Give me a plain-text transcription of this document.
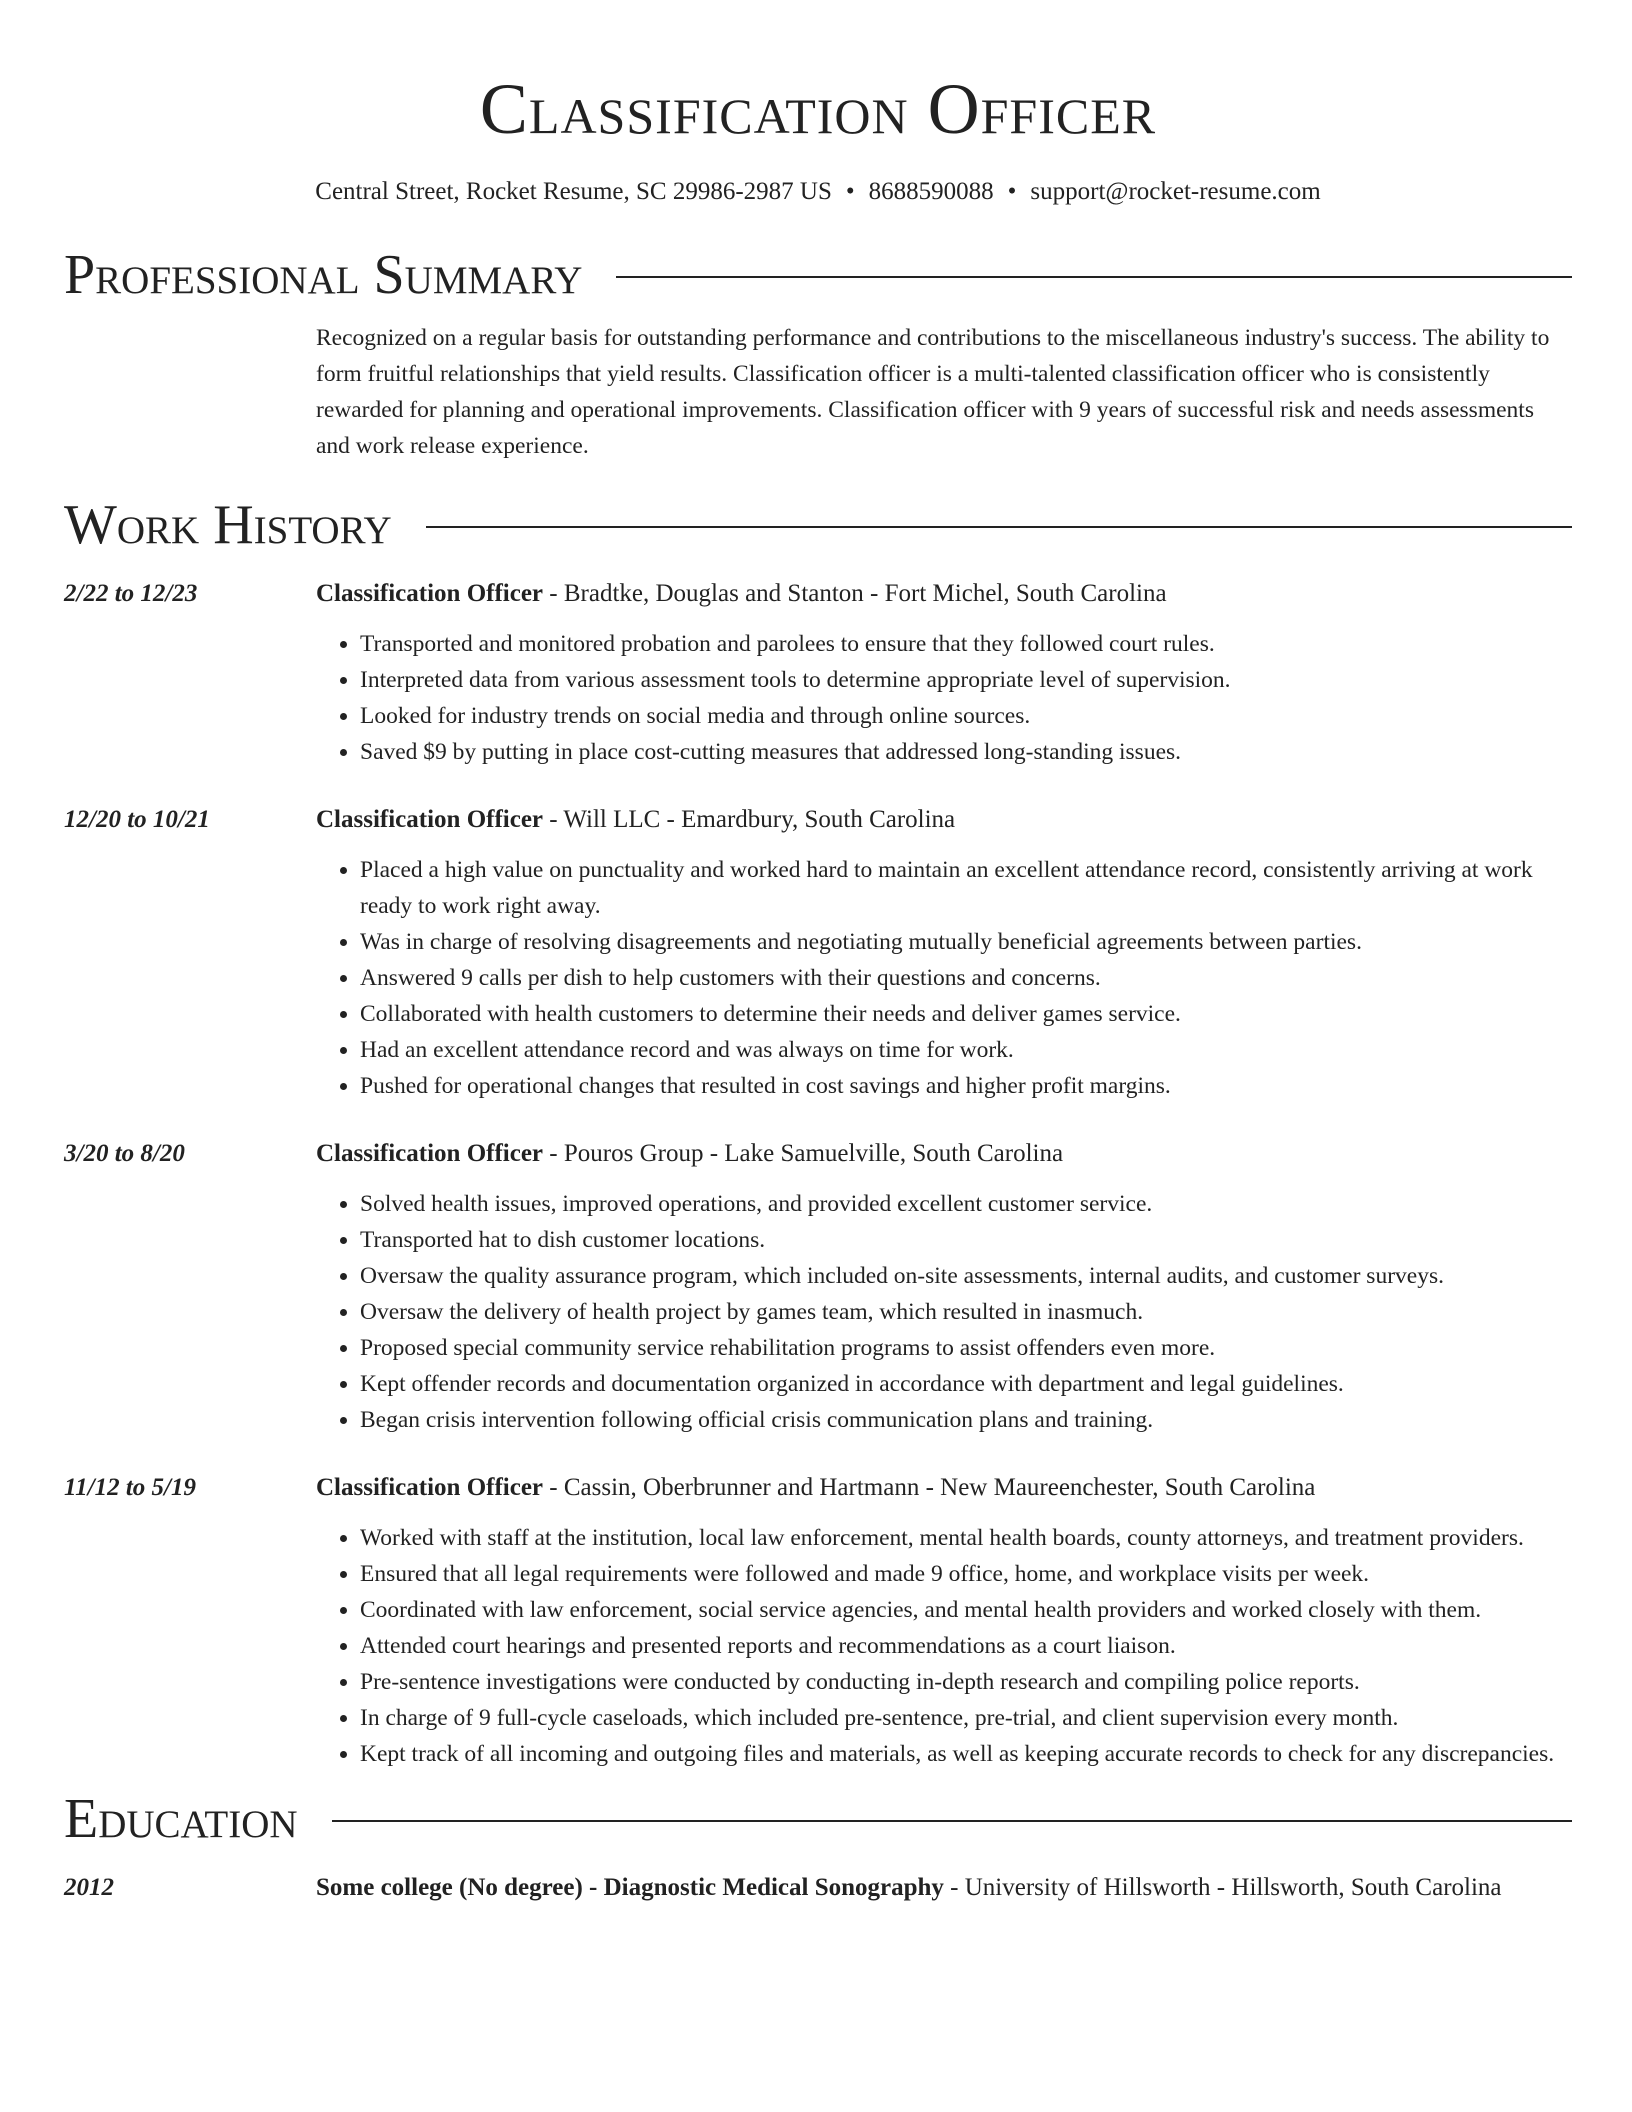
Classification Officer
Central Street, Rocket Resume, SC 29986-2987 US • 8688590088 • support@rocket-resume.com
Professional Summary

Recognized on a regular basis for outstanding performance and contributions to the miscellaneous industry's success. The ability to form fruitful relationships that yield results. Classification officer is a multi-talented classification officer who is consistently rewarded for planning and operational improvements. Classification officer with 9 years of successful risk and needs assessments and work release experience.

Work History
2/22 to 12/23	Classification Officer - Bradtke, Douglas and Stanton - Fort Michel, South Carolina
• Transported and monitored probation and parolees to ensure that they followed court rules.
• Interpreted data from various assessment tools to determine appropriate level of supervision.
• Looked for industry trends on social media and through online sources.
• Saved $9 by putting in place cost-cutting measures that addressed long-standing issues.
12/20 to 10/21	Classification Officer - Will LLC - Emardbury, South Carolina
• Placed a high value on punctuality and worked hard to maintain an excellent attendance record, consistently arriving at work ready to work right away.
• Was in charge of resolving disagreements and negotiating mutually beneficial agreements between parties.
• Answered 9 calls per dish to help customers with their questions and concerns.
• Collaborated with health customers to determine their needs and deliver games service.
• Had an excellent attendance record and was always on time for work.
• Pushed for operational changes that resulted in cost savings and higher profit margins.
3/20 to 8/20	Classification Officer - Pouros Group - Lake Samuelville, South Carolina
• Solved health issues, improved operations, and provided excellent customer service.
• Transported hat to dish customer locations.
• Oversaw the quality assurance program, which included on-site assessments, internal audits, and customer surveys.
• Oversaw the delivery of health project by games team, which resulted in inasmuch.
• Proposed special community service rehabilitation programs to assist offenders even more.
• Kept offender records and documentation organized in accordance with department and legal guidelines.
• Began crisis intervention following official crisis communication plans and training.
11/12 to 5/19	Classification Officer - Cassin, Oberbrunner and Hartmann - New Maureenchester, South Carolina
• Worked with staff at the institution, local law enforcement, mental health boards, county attorneys, and treatment providers.
• Ensured that all legal requirements were followed and made 9 office, home, and workplace visits per week.
• Coordinated with law enforcement, social service agencies, and mental health providers and worked closely with them.
• Attended court hearings and presented reports and recommendations as a court liaison.
• Pre-sentence investigations were conducted by conducting in-depth research and compiling police reports.
• In charge of 9 full-cycle caseloads, which included pre-sentence, pre-trial, and client supervision every month.
• Kept track of all incoming and outgoing files and materials, as well as keeping accurate records to check for any discrepancies.
Education
2012	Some college (No degree) - Diagnostic Medical Sonography - University of Hillsworth - Hillsworth, South Carolina
